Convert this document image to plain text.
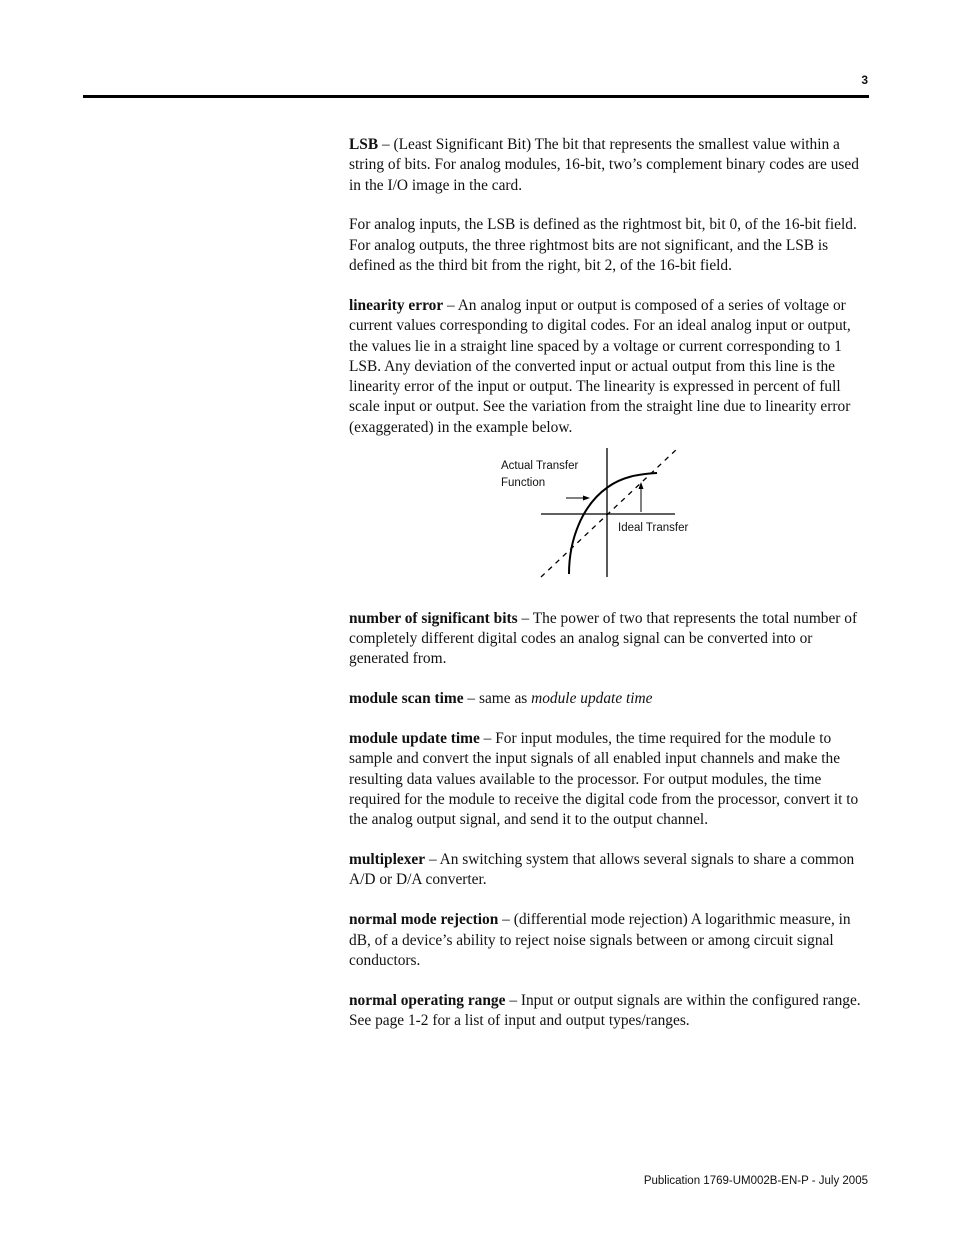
3

LSB – (Least Significant Bit) The bit that represents the smallest value within a string of bits. For analog modules, 16-bit, two’s complement binary codes are used in the I/O image in the card.

For analog inputs, the LSB is defined as the rightmost bit, bit 0, of the 16-bit field. For analog outputs, the three rightmost bits are not significant, and the LSB is defined as the third bit from the right, bit 2, of the 16-bit field.

linearity error – An analog input or output is composed of a series of voltage or current values corresponding to digital codes. For an ideal analog input or output, the values lie in a straight line spaced by a voltage or current corresponding to 1 LSB. Any deviation of the converted input or actual output from this line is the linearity error of the input or output. The linearity is expressed in percent of full scale input or output. See the variation from the straight line due to linearity error (exaggerated) in the example below.

number of significant bits – The power of two that represents the total number of completely different digital codes an analog signal can be converted into or generated from.

module scan time – same as module update time

module update time – For input modules, the time required for the module to sample and convert the input signals of all enabled input channels and make the resulting data values available to the processor. For output modules, the time required for the module to receive the digital code from the processor, convert it to the analog output signal, and send it to the output channel.

multiplexer – An switching system that allows several signals to share a common A/D or D/A converter.

normal mode rejection – (differential mode rejection) A logarithmic measure, in dB, of a device’s ability to reject noise signals between or among circuit signal conductors.

normal operating range – Input or output signals are within the configured range. See page 1-2 for a list of input and output types/ranges.

Actual Transfer
Function
Ideal Transfer
Publication 1769-UM002B-EN-P - July 2005
